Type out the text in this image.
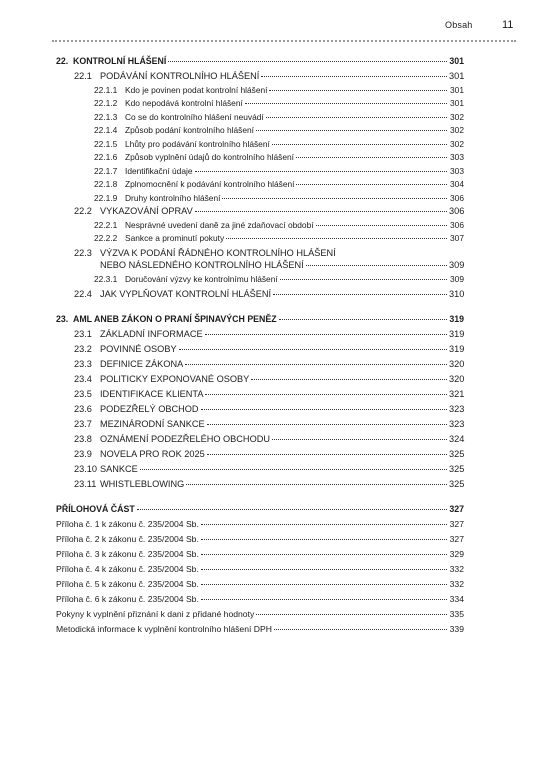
Obsah	11
22. KONTROLNÍ HLÁŠENÍ	301
22.1 PODÁVÁNÍ KONTROLNÍHO HLÁŠENÍ	301
22.1.1 Kdo je povinen podat kontrolní hlášení	301
22.1.2 Kdo nepodává kontrolní hlášení	301
22.1.3 Co se do kontrolního hlášení neuvádí	302
22.1.4 Způsob podání kontrolního hlášení	302
22.1.5 Lhůty pro podávání kontrolního hlášení	302
22.1.6 Způsob vyplnění údajů do kontrolního hlášení	303
22.1.7 Identifikační údaje	303
22.1.8 Zplnomocnění k podávání kontrolního hlášení	304
22.1.9 Druhy kontrolního hlášení	306
22.2 VYKAZOVÁNÍ OPRAV	306
22.2.1 Nesprávné uvedení daně za jiné zdaňovací období	306
22.2.2 Sankce a prominutí pokuty	307
22.3 VÝZVA K PODÁNÍ ŘÁDNÉHO KONTROLNÍHO HLÁŠENÍ
NEBO NÁSLEDNÉHO KONTROLNÍHO HLÁŠENÍ	309
22.3.1 Doručování výzvy ke kontrolnímu hlášení	309
22.4 JAK VYPLŇOVAT KONTROLNÍ HLÁŠENÍ	310
23. AML ANEB ZÁKON O PRANÍ ŠPINAVÝCH PENĚZ	319
23.1 ZÁKLADNÍ INFORMACE	319
23.2 POVINNÉ OSOBY	319
23.3 DEFINICE ZÁKONA	320
23.4 POLITICKY EXPONOVANÉ OSOBY	320
23.5 IDENTIFIKACE KLIENTA	321
23.6 PODEZŘELÝ OBCHOD	323
23.7 MEZINÁRODNÍ SANKCE	323
23.8 OZNÁMENÍ PODEZŘELÉHO OBCHODU	324
23.9 NOVELA PRO ROK 2025	325
23.10 SANKCE	325
23.11 WHISTLEBLOWING	325
PŘÍLOHOVÁ ČÁST	327
Příloha č. 1 k zákonu č. 235/2004 Sb.	327
Příloha č. 2 k zákonu č. 235/2004 Sb.	327
Příloha č. 3 k zákonu č. 235/2004 Sb.	329
Příloha č. 4 k zákonu č. 235/2004 Sb.	332
Příloha č. 5 k zákonu č. 235/2004 Sb.	332
Příloha č. 6 k zákonu č. 235/2004 Sb.	334
Pokyny k vyplnění přiznání k dani z přidané hodnoty	335
Metodická informace k vyplnění kontrolního hlášení DPH	339
